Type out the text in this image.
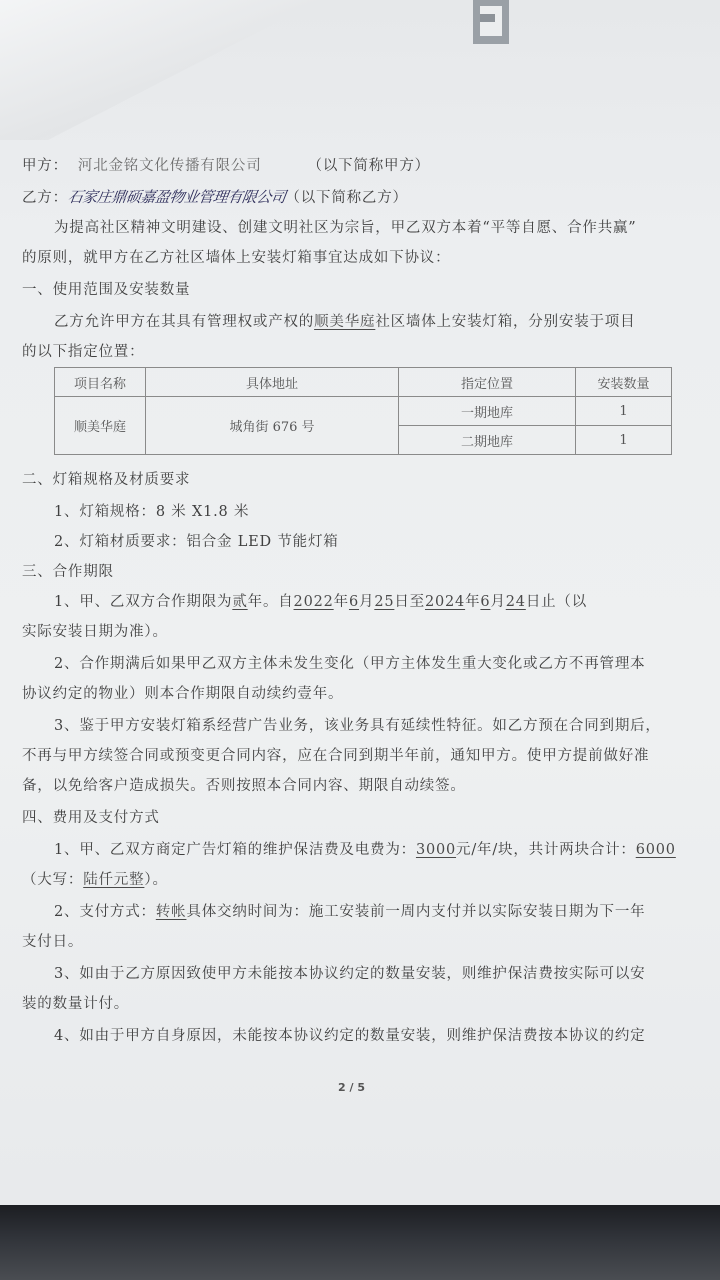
甲方： 河北金铭文化传播有限公司	（以下简称甲方）
乙方：石家庄鼎硕嘉盈物业管理有限公司（以下简称乙方）
为提高社区精神文明建设、创建文明社区为宗旨，甲乙双方本着“平等自愿、合作共赢”
的原则，就甲方在乙方社区墙体上安装灯箱事宜达成如下协议：
一、使用范围及安装数量
乙方允许甲方在其具有管理权或产权的顺美华庭社区墙体上安装灯箱，分别安装于项目
的以下指定位置：
项目名称	具体地址	指定位置	安装数量
顺美华庭	城角街 676 号	一期地库	1
		二期地库	1
二、灯箱规格及材质要求
1、灯箱规格：8 米 X1.8 米
2、灯箱材质要求：铝合金 LED 节能灯箱
三、合作期限
1、甲、乙双方合作期限为贰年。自2022年6月25日至2024年6月24日止（以
实际安装日期为准）。
2、合作期满后如果甲乙双方主体未发生变化（甲方主体发生重大变化或乙方不再管理本
协议约定的物业）则本合作期限自动续约壹年。
3、鉴于甲方安装灯箱系经营广告业务，该业务具有延续性特征。如乙方预在合同到期后，
不再与甲方续签合同或预变更合同内容，应在合同到期半年前，通知甲方。使甲方提前做好准
备，以免给客户造成损失。否则按照本合同内容、期限自动续签。
四、费用及支付方式
1、甲、乙双方商定广告灯箱的维护保洁费及电费为：3000元/年/块，共计两块合计：6000
（大写：陆仟元整）。
2、支付方式：转帐具体交纳时间为：施工安装前一周内支付并以实际安装日期为下一年
支付日。
3、如由于乙方原因致使甲方未能按本协议约定的数量安装，则维护保洁费按实际可以安
装的数量计付。
4、如由于甲方自身原因，未能按本协议约定的数量安装，则维护保洁费按本协议的约定
2 / 5
